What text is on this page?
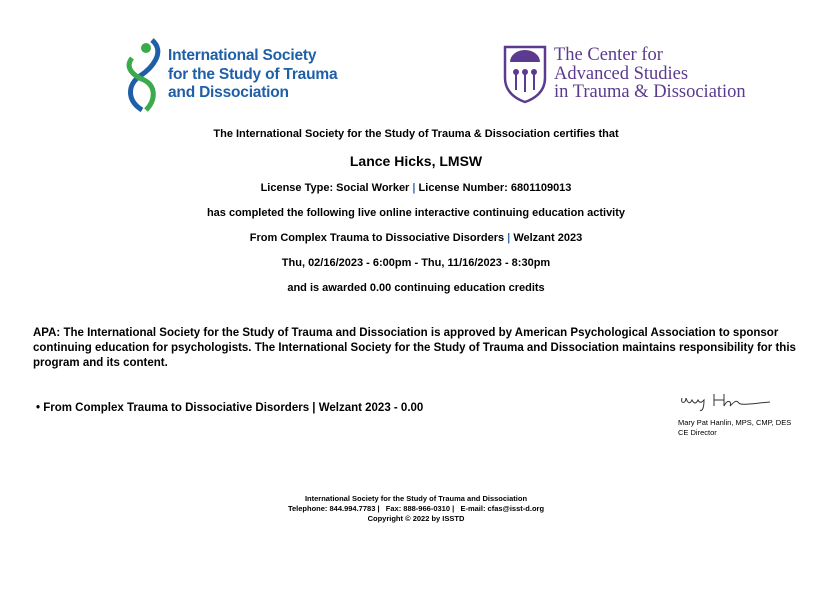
International Society
for the Study of Trauma
and Dissociation
The Center for
Advanced Studies
in Trauma & Dissociation
The International Society for the Study of Trauma & Dissociation certifies that
Lance Hicks, LMSW
License Type: Social Worker | License Number: 6801109013
has completed the following live online interactive continuing education activity
From Complex Trauma to Dissociative Disorders | Welzant 2023
Thu, 02/16/2023 - 6:00pm - Thu, 11/16/2023 - 8:30pm
and is awarded 0.00 continuing education credits
APA: The International Society for the Study of Trauma and Dissociation is approved by American Psychological Association to sponsor continuing education for psychologists. The International Society for the Study of Trauma and Dissociation maintains responsibility for this program and its content.
• From Complex Trauma to Dissociative Disorders | Welzant 2023 - 0.00
Mary Pat Hanlin, MPS, CMP, DES
CE Director
International Society for the Study of Trauma and Dissociation
Telephone: 844.994.7783 |   Fax: 888-966-0310 |   E-mail: cfas@isst-d.org
Copyright © 2022 by ISSTD
